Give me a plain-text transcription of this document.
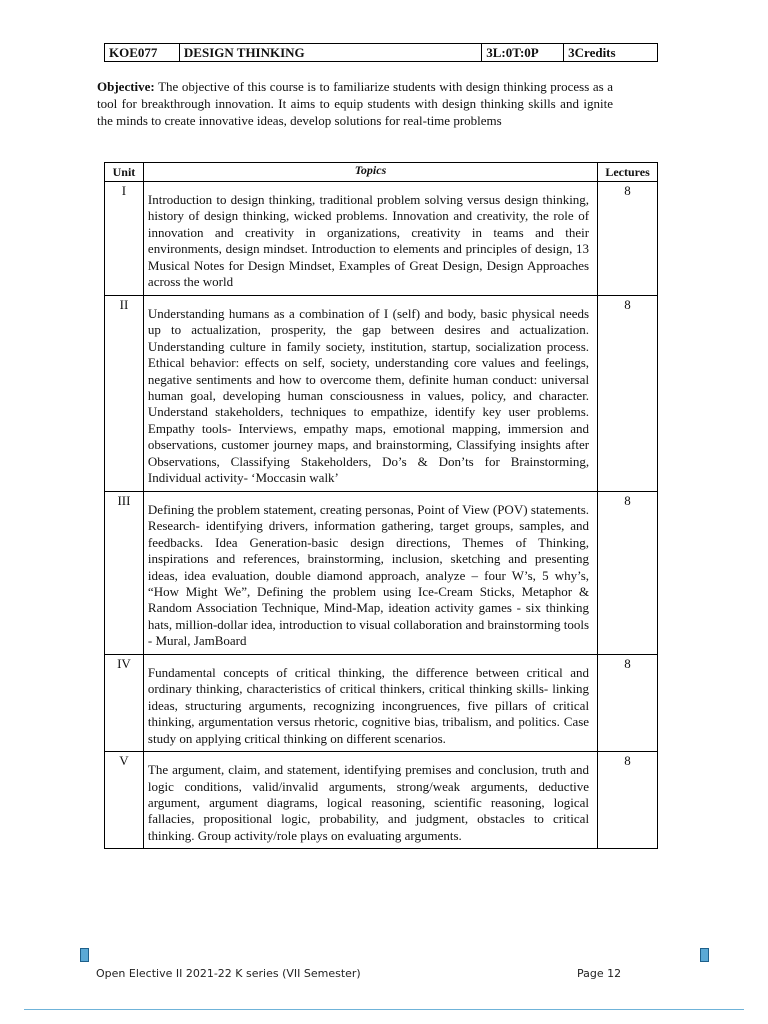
KOE077	DESIGN THINKING	3L:0T:0P	3Credits

Objective: The objective of this course is to familiarize students with design thinking process as a tool for breakthrough innovation. It aims to equip students with design thinking skills and ignite the minds to create innovative ideas, develop solutions for real-time problems

Unit	Topics	Lectures
I	Introduction to design thinking, traditional problem solving versus design thinking, history of design thinking, wicked problems. Innovation and creativity, the role of innovation and creativity in organizations, creativity in teams and their environments, design mindset. Introduction to elements and principles of design, 13 Musical Notes for Design Mindset, Examples of Great Design, Design Approaches across the world	8
II	Understanding humans as a combination of I (self) and body, basic physical needs up to actualization, prosperity, the gap between desires and actualization. Understanding culture in family society, institution, startup, socialization process. Ethical behavior: effects on self, society, understanding core values and feelings, negative sentiments and how to overcome them, definite human conduct: universal human goal, developing human consciousness in values, policy, and character. Understand stakeholders, techniques to empathize, identify key user problems. Empathy tools- Interviews, empathy maps, emotional mapping, immersion and observations, customer journey maps, and brainstorming, Classifying insights after Observations, Classifying Stakeholders, Do’s & Don’ts for Brainstorming, Individual activity- ‘Moccasin walk’	8
III	Defining the problem statement, creating personas, Point of View (POV) statements. Research- identifying drivers, information gathering, target groups, samples, and feedbacks. Idea Generation-basic design directions, Themes of Thinking, inspirations and references, brainstorming, inclusion, sketching and presenting ideas, idea evaluation, double diamond approach, analyze – four W’s, 5 why’s, “How Might We”, Defining the problem using Ice-Cream Sticks, Metaphor & Random Association Technique, Mind-Map, ideation activity games - six thinking hats, million-dollar idea, introduction to visual collaboration and brainstorming tools - Mural, JamBoard	8
IV	Fundamental concepts of critical thinking, the difference between critical and ordinary thinking, characteristics of critical thinkers, critical thinking skills- linking ideas, structuring arguments, recognizing incongruences, five pillars of critical thinking, argumentation versus rhetoric, cognitive bias, tribalism, and politics. Case study on applying critical thinking on different scenarios.	8
V	The argument, claim, and statement, identifying premises and conclusion, truth and logic conditions, valid/invalid arguments, strong/weak arguments, deductive argument, argument diagrams, logical reasoning, scientific reasoning, logical fallacies, propositional logic, probability, and judgment, obstacles to critical thinking. Group activity/role plays on evaluating arguments.	8
Open Elective II 2021-22 K series (VII Semester)	Page 12
